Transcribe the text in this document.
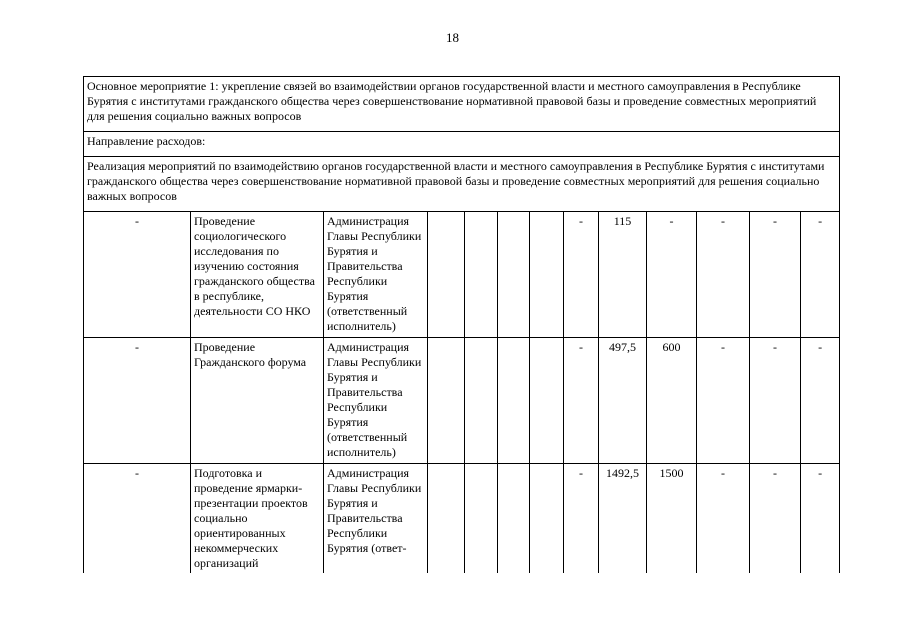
18
Основное мероприятие 1: укрепление связей во взаимодействии органов государственной власти и местного самоуправления в Республике Бурятия с институтами гражданского общества через совершенствование нормативной правовой базы и проведение совместных мероприятий для решения социально важных вопросов												
Направление расходов:												
Реализация мероприятий по взаимодействию органов государственной власти и местного самоуправления в Республике Бурятия с институтами гражданского общества через совершенствование нормативной правовой базы и проведение совместных мероприятий для решения социально важных вопросов												
-	Проведение социологического исследования по изучению состояния гражданского общества в республике, деятельности СО НКО	Администрация Главы Республики Бурятия и Правительства Республики Бурятия (ответственный исполнитель)					-	115	-	-	-	-
-	Проведение Гражданского форума	Администрация Главы Республики Бурятия и Правительства Республики Бурятия (ответственный исполнитель)					-	497,5	600	-	-	-
-	Подготовка и проведение ярмарки-презентации проектов социально ориентированных некоммерческих организаций	Администрация Главы Республики Бурятия и Правительства Республики Бурятия (ответ-					-	1492,5	1500	-	-	-
